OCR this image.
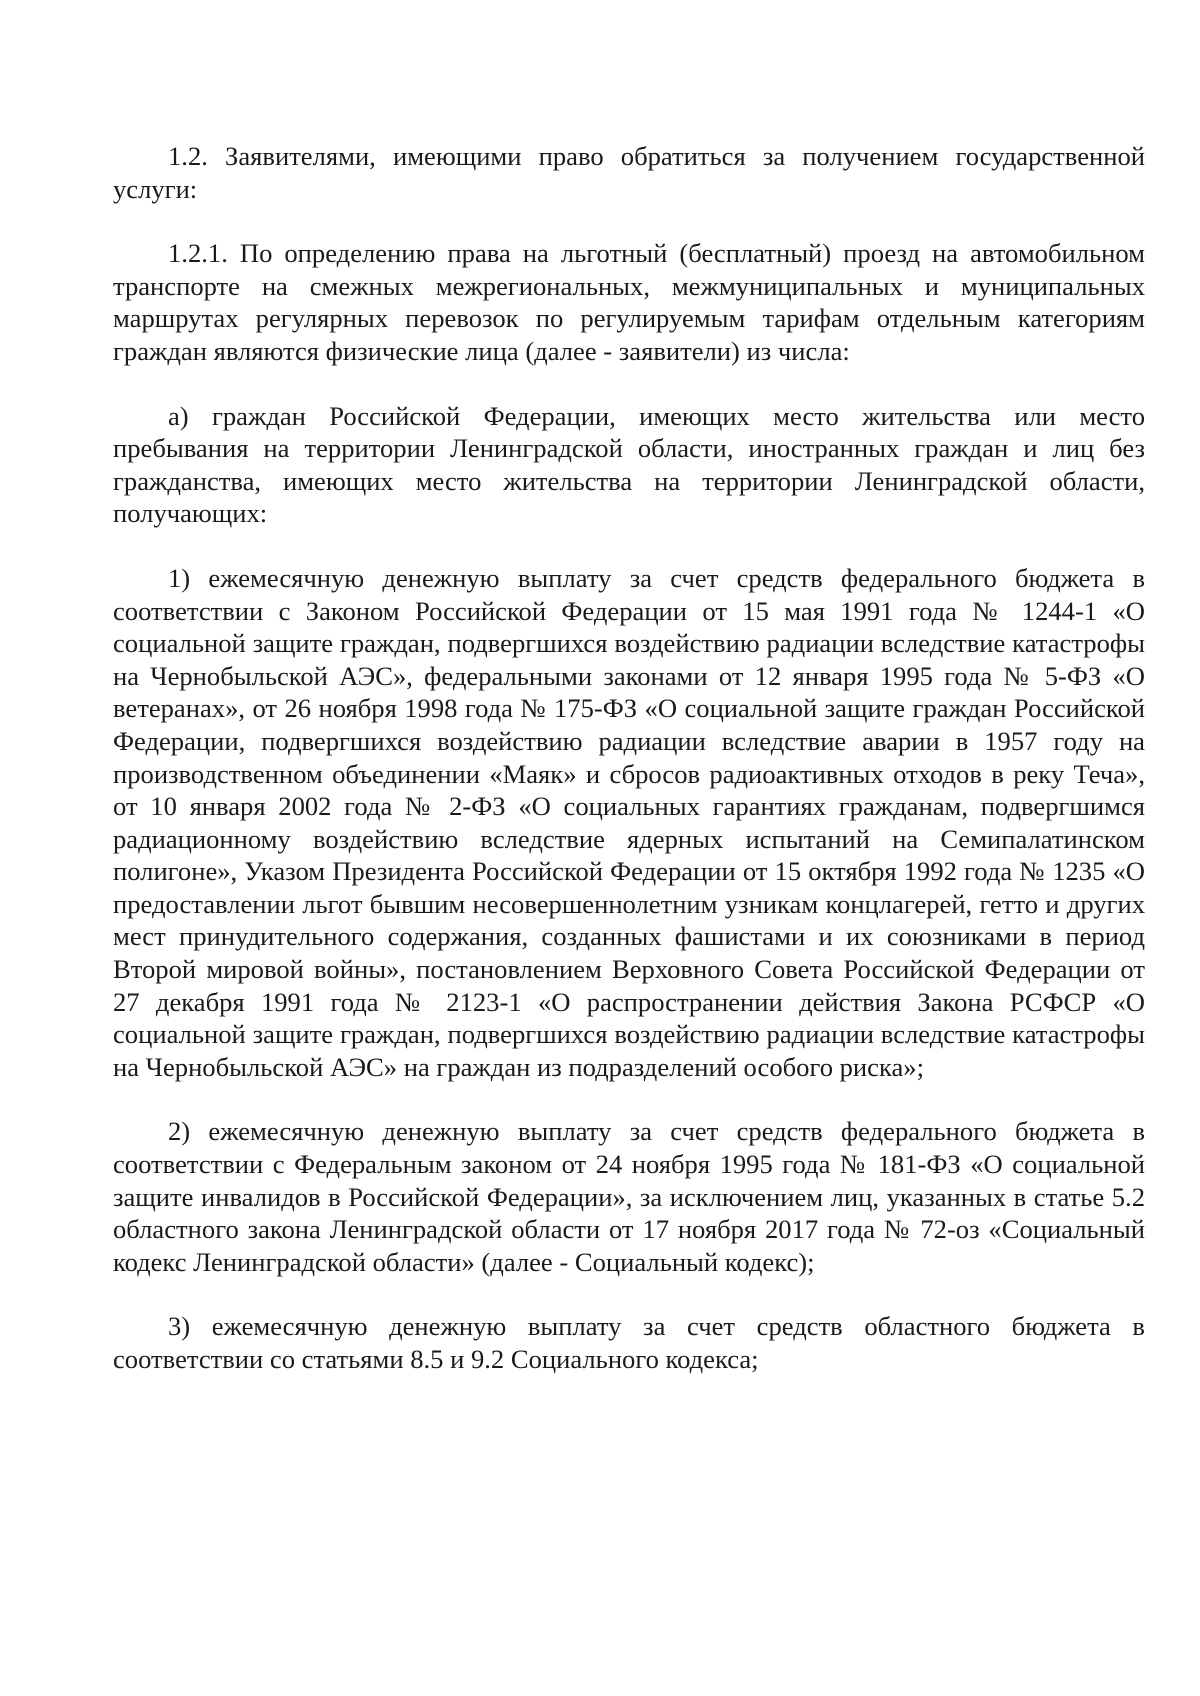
1.2. Заявителями, имеющими право обратиться за получением государственной услуги:

1.2.1. По определению права на льготный (бесплатный) проезд на автомобильном транспорте на смежных межрегиональных, межмуниципальных и муниципальных маршрутах регулярных перевозок по регулируемым тарифам отдельным категориям граждан являются физические лица (далее - заявители) из числа:

а) граждан Российской Федерации, имеющих место жительства или место пребывания на территории Ленинградской области, иностранных граждан и лиц без гражданства, имеющих место жительства на территории Ленинградской области, получающих:

1) ежемесячную денежную выплату за счет средств федерального бюджета в соответствии с Законом Российской Федерации от 15 мая 1991 года № 1244-1 «О социальной защите граждан, подвергшихся воздействию радиации вследствие катастрофы на Чернобыльской АЭС», федеральными законами от 12 января 1995 года № 5-ФЗ «О ветеранах», от 26 ноября 1998 года № 175-ФЗ «О социальной защите граждан Российской Федерации, подвергшихся воздействию радиации вследствие аварии в 1957 году на производственном объединении «Маяк» и сбросов радиоактивных отходов в реку Теча», от 10 января 2002 года № 2-ФЗ «О социальных гарантиях гражданам, подвергшимся радиационному воздействию вследствие ядерных испытаний на Семипалатинском полигоне», Указом Президента Российской Федерации от 15 октября 1992 года № 1235 «О предоставлении льгот бывшим несовершеннолетним узникам концлагерей, гетто и других мест принудительного содержания, созданных фашистами и их союзниками в период Второй мировой войны», постановлением Верховного Совета Российской Федерации от 27 декабря 1991 года № 2123-1 «О распространении действия Закона РСФСР «О социальной защите граждан, подвергшихся воздействию радиации вследствие катастрофы на Чернобыльской АЭС» на граждан из подразделений особого риска»;

2) ежемесячную денежную выплату за счет средств федерального бюджета в соответствии с Федеральным законом от 24 ноября 1995 года № 181-ФЗ «О социальной защите инвалидов в Российской Федерации», за исключением лиц, указанных в статье 5.2 областного закона Ленинградской области от 17 ноября 2017 года № 72-оз «Социальный кодекс Ленинградской области» (далее - Социальный кодекс);

3) ежемесячную денежную выплату за счет средств областного бюджета в соответствии со статьями 8.5 и 9.2 Социального кодекса;
